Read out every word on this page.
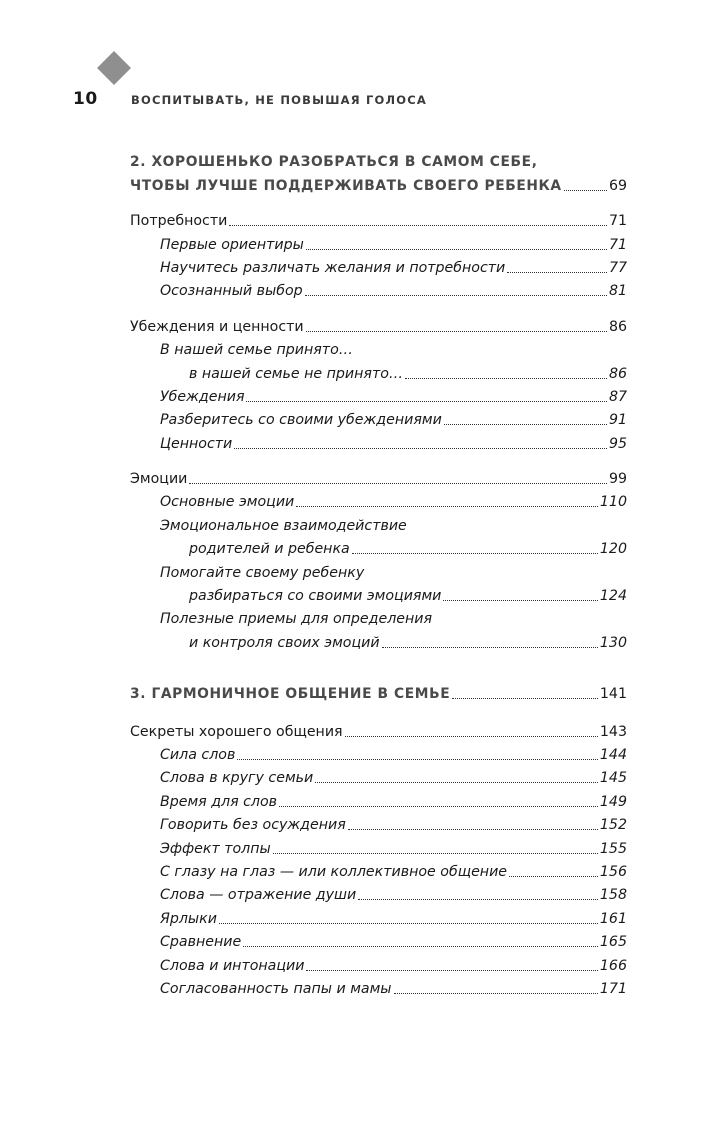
10	ВОСПИТЫВАТЬ, НЕ ПОВЫШАЯ ГОЛОСА
2. ХОРОШЕНЬКО РАЗОБРАТЬСЯ В САМОМ СЕБЕ,
ЧТОБЫ ЛУЧШЕ ПОДДЕРЖИВАТЬ СВОЕГО РЕБЕНКА	69
Потребности	71
Первые ориентиры	71
Научитесь различать желания и потребности	77
Осознанный выбор	81
Убеждения и ценности	86
В нашей семье принято…
в нашей семье не принято…	86
Убеждения	87
Разберитесь со своими убеждениями	91
Ценности	95
Эмоции	99
Основные эмоции	110
Эмоциональное взаимодействие
родителей и ребенка	120
Помогайте своему ребенку
разбираться со своими эмоциями	124
Полезные приемы для определения
и контроля своих эмоций	130
3. ГАРМОНИЧНОЕ ОБЩЕНИЕ В СЕМЬЕ	141
Секреты хорошего общения	143
Сила слов	144
Слова в кругу семьи	145
Время для слов	149
Говорить без осуждения	152
Эффект толпы	155
С глазу на глаз — или коллективное общение	156
Слова — отражение души	158
Ярлыки	161
Сравнение	165
Слова и интонации	166
Согласованность папы и мамы	171
